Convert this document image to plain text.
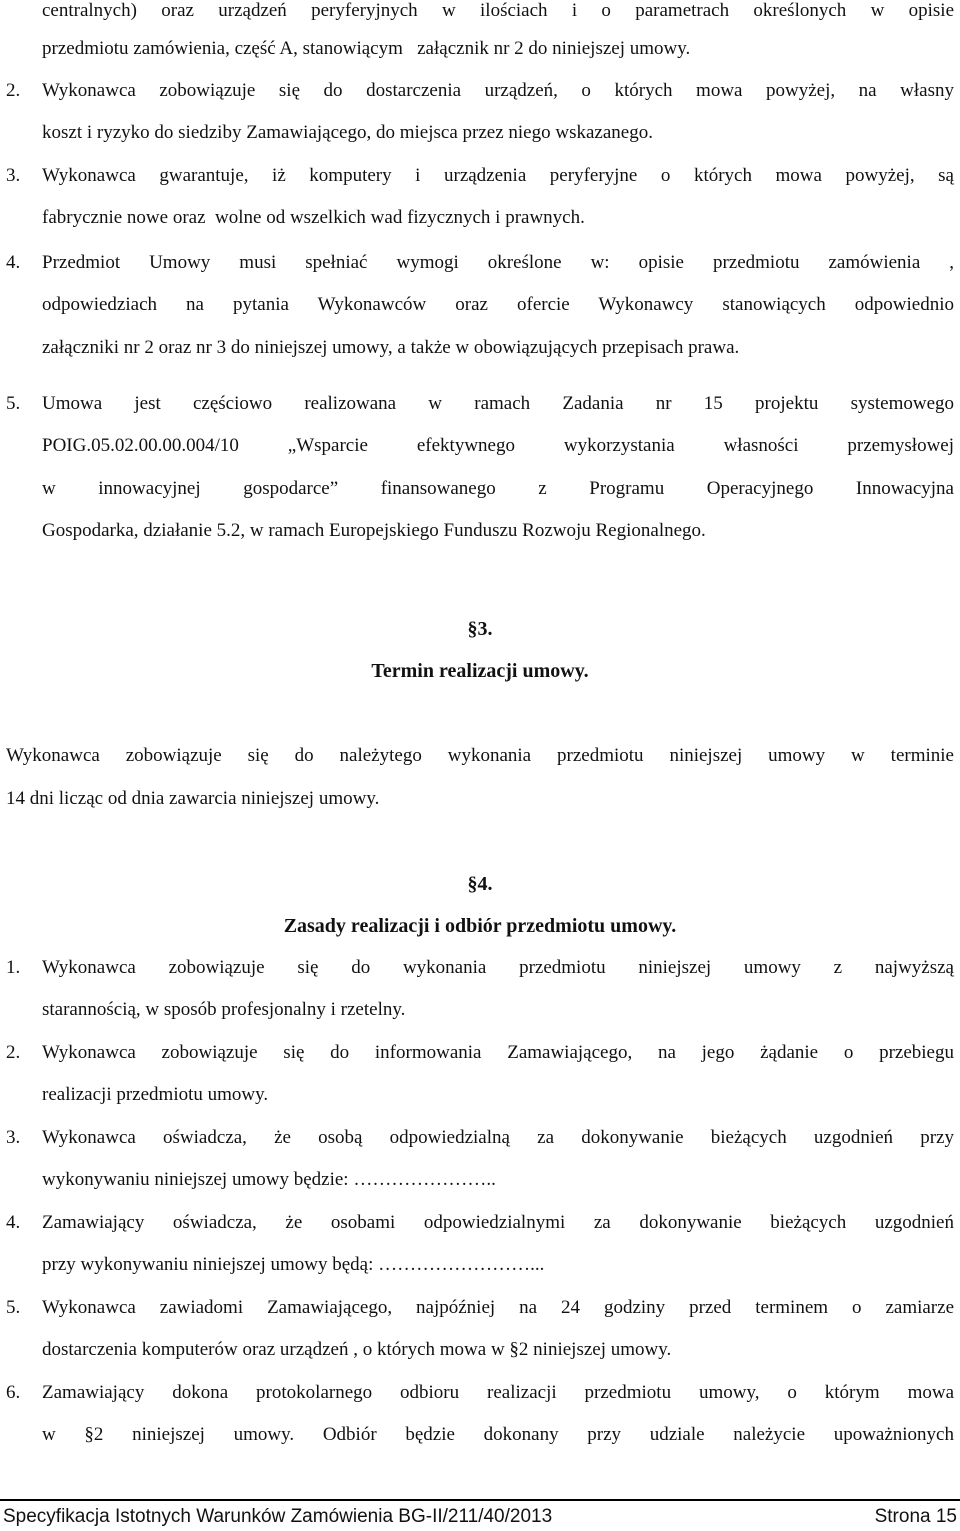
centralnych) oraz urządzeń peryferyjnych w ilościach i o parametrach określonych w opisie
przedmiotu zamówienia, część A, stanowiącym   załącznik nr 2 do niniejszej umowy.
2. Wykonawca zobowiązuje się do dostarczenia urządzeń, o których mowa powyżej, na własny
koszt i ryzyko do siedziby Zamawiającego, do miejsca przez niego wskazanego.
3. Wykonawca gwarantuje, iż komputery i urządzenia peryferyjne o których mowa powyżej, są
fabrycznie nowe oraz  wolne od wszelkich wad fizycznych i prawnych.
4. Przedmiot Umowy musi spełniać wymogi określone w: opisie przedmiotu zamówienia ,
odpowiedziach na pytania Wykonawców oraz ofercie Wykonawcy stanowiących odpowiednio
załączniki nr 2 oraz nr 3 do niniejszej umowy, a także w obowiązujących przepisach prawa.
5. Umowa jest częściowo realizowana w ramach Zadania nr 15 projektu systemowego
POIG.05.02.00.00.004/10 „Wsparcie efektywnego wykorzystania własności przemysłowej
w innowacyjnej gospodarce” finansowanego z Programu Operacyjnego Innowacyjna
Gospodarka, działanie 5.2, w ramach Europejskiego Funduszu Rozwoju Regionalnego.
§3.
Termin realizacji umowy.
Wykonawca zobowiązuje się do należytego wykonania przedmiotu niniejszej umowy w terminie
14 dni licząc od dnia zawarcia niniejszej umowy.
§4.
Zasady realizacji i odbiór przedmiotu umowy.
1. Wykonawca zobowiązuje się do wykonania przedmiotu niniejszej umowy z najwyższą
starannością, w sposób profesjonalny i rzetelny.
2. Wykonawca zobowiązuje się do informowania Zamawiającego, na jego żądanie o przebiegu
realizacji przedmiotu umowy.
3. Wykonawca oświadcza, że osobą odpowiedzialną za dokonywanie bieżących uzgodnień przy
wykonywaniu niniejszej umowy będzie: …………………..
4. Zamawiający oświadcza, że osobami odpowiedzialnymi za dokonywanie bieżących uzgodnień
przy wykonywaniu niniejszej umowy będą: ……………………...
5. Wykonawca zawiadomi Zamawiającego, najpóźniej na 24 godziny przed terminem o zamiarze
dostarczenia komputerów oraz urządzeń , o których mowa w §2 niniejszej umowy.
6. Zamawiający dokona protokolarnego odbioru realizacji przedmiotu umowy, o którym mowa
w §2 niniejszej umowy. Odbiór będzie dokonany przy udziale należycie upoważnionych
Specyfikacja Istotnych Warunków Zamówienia BG-II/211/40/2013	Strona 15
